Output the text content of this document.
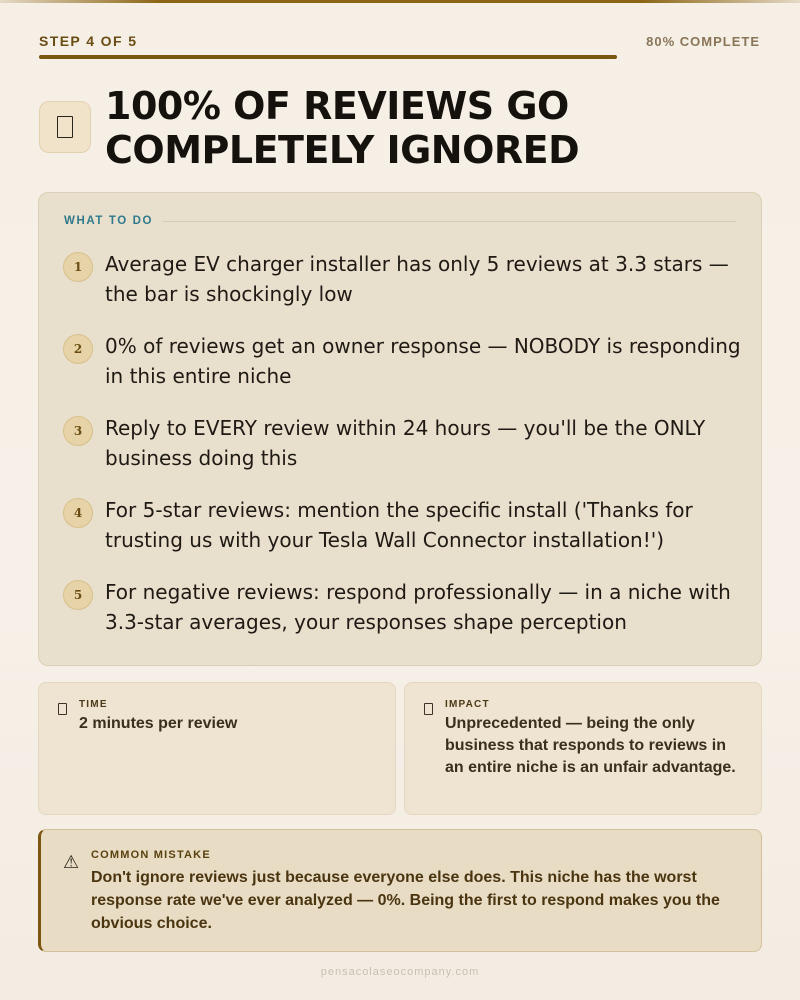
STEP 4 OF 5	80% COMPLETE
100% OF REVIEWS GO COMPLETELY IGNORED
WHAT TO DO
1	Average EV charger installer has only 5 reviews at 3.3 stars — the bar is shockingly low

2	0% of reviews get an owner response — NOBODY is responding in this entire niche

3	Reply to EVERY review within 24 hours — you'll be the ONLY business doing this

4	For 5-star reviews: mention the specific install ('Thanks for trusting us with your Tesla Wall Connector installation!')

5	For negative reviews: respond professionally — in a niche with 3.3-star averages, your responses shape perception

TIME
2 minutes per review
IMPACT
Unprecedented — being the only business that responds to reviews in an entire niche is an unfair advantage.
⚠ COMMON MISTAKE
Don't ignore reviews just because everyone else does. This niche has the worst response rate we've ever analyzed — 0%. Being the first to respond makes you the obvious choice.
pensacolaseocompany.com
